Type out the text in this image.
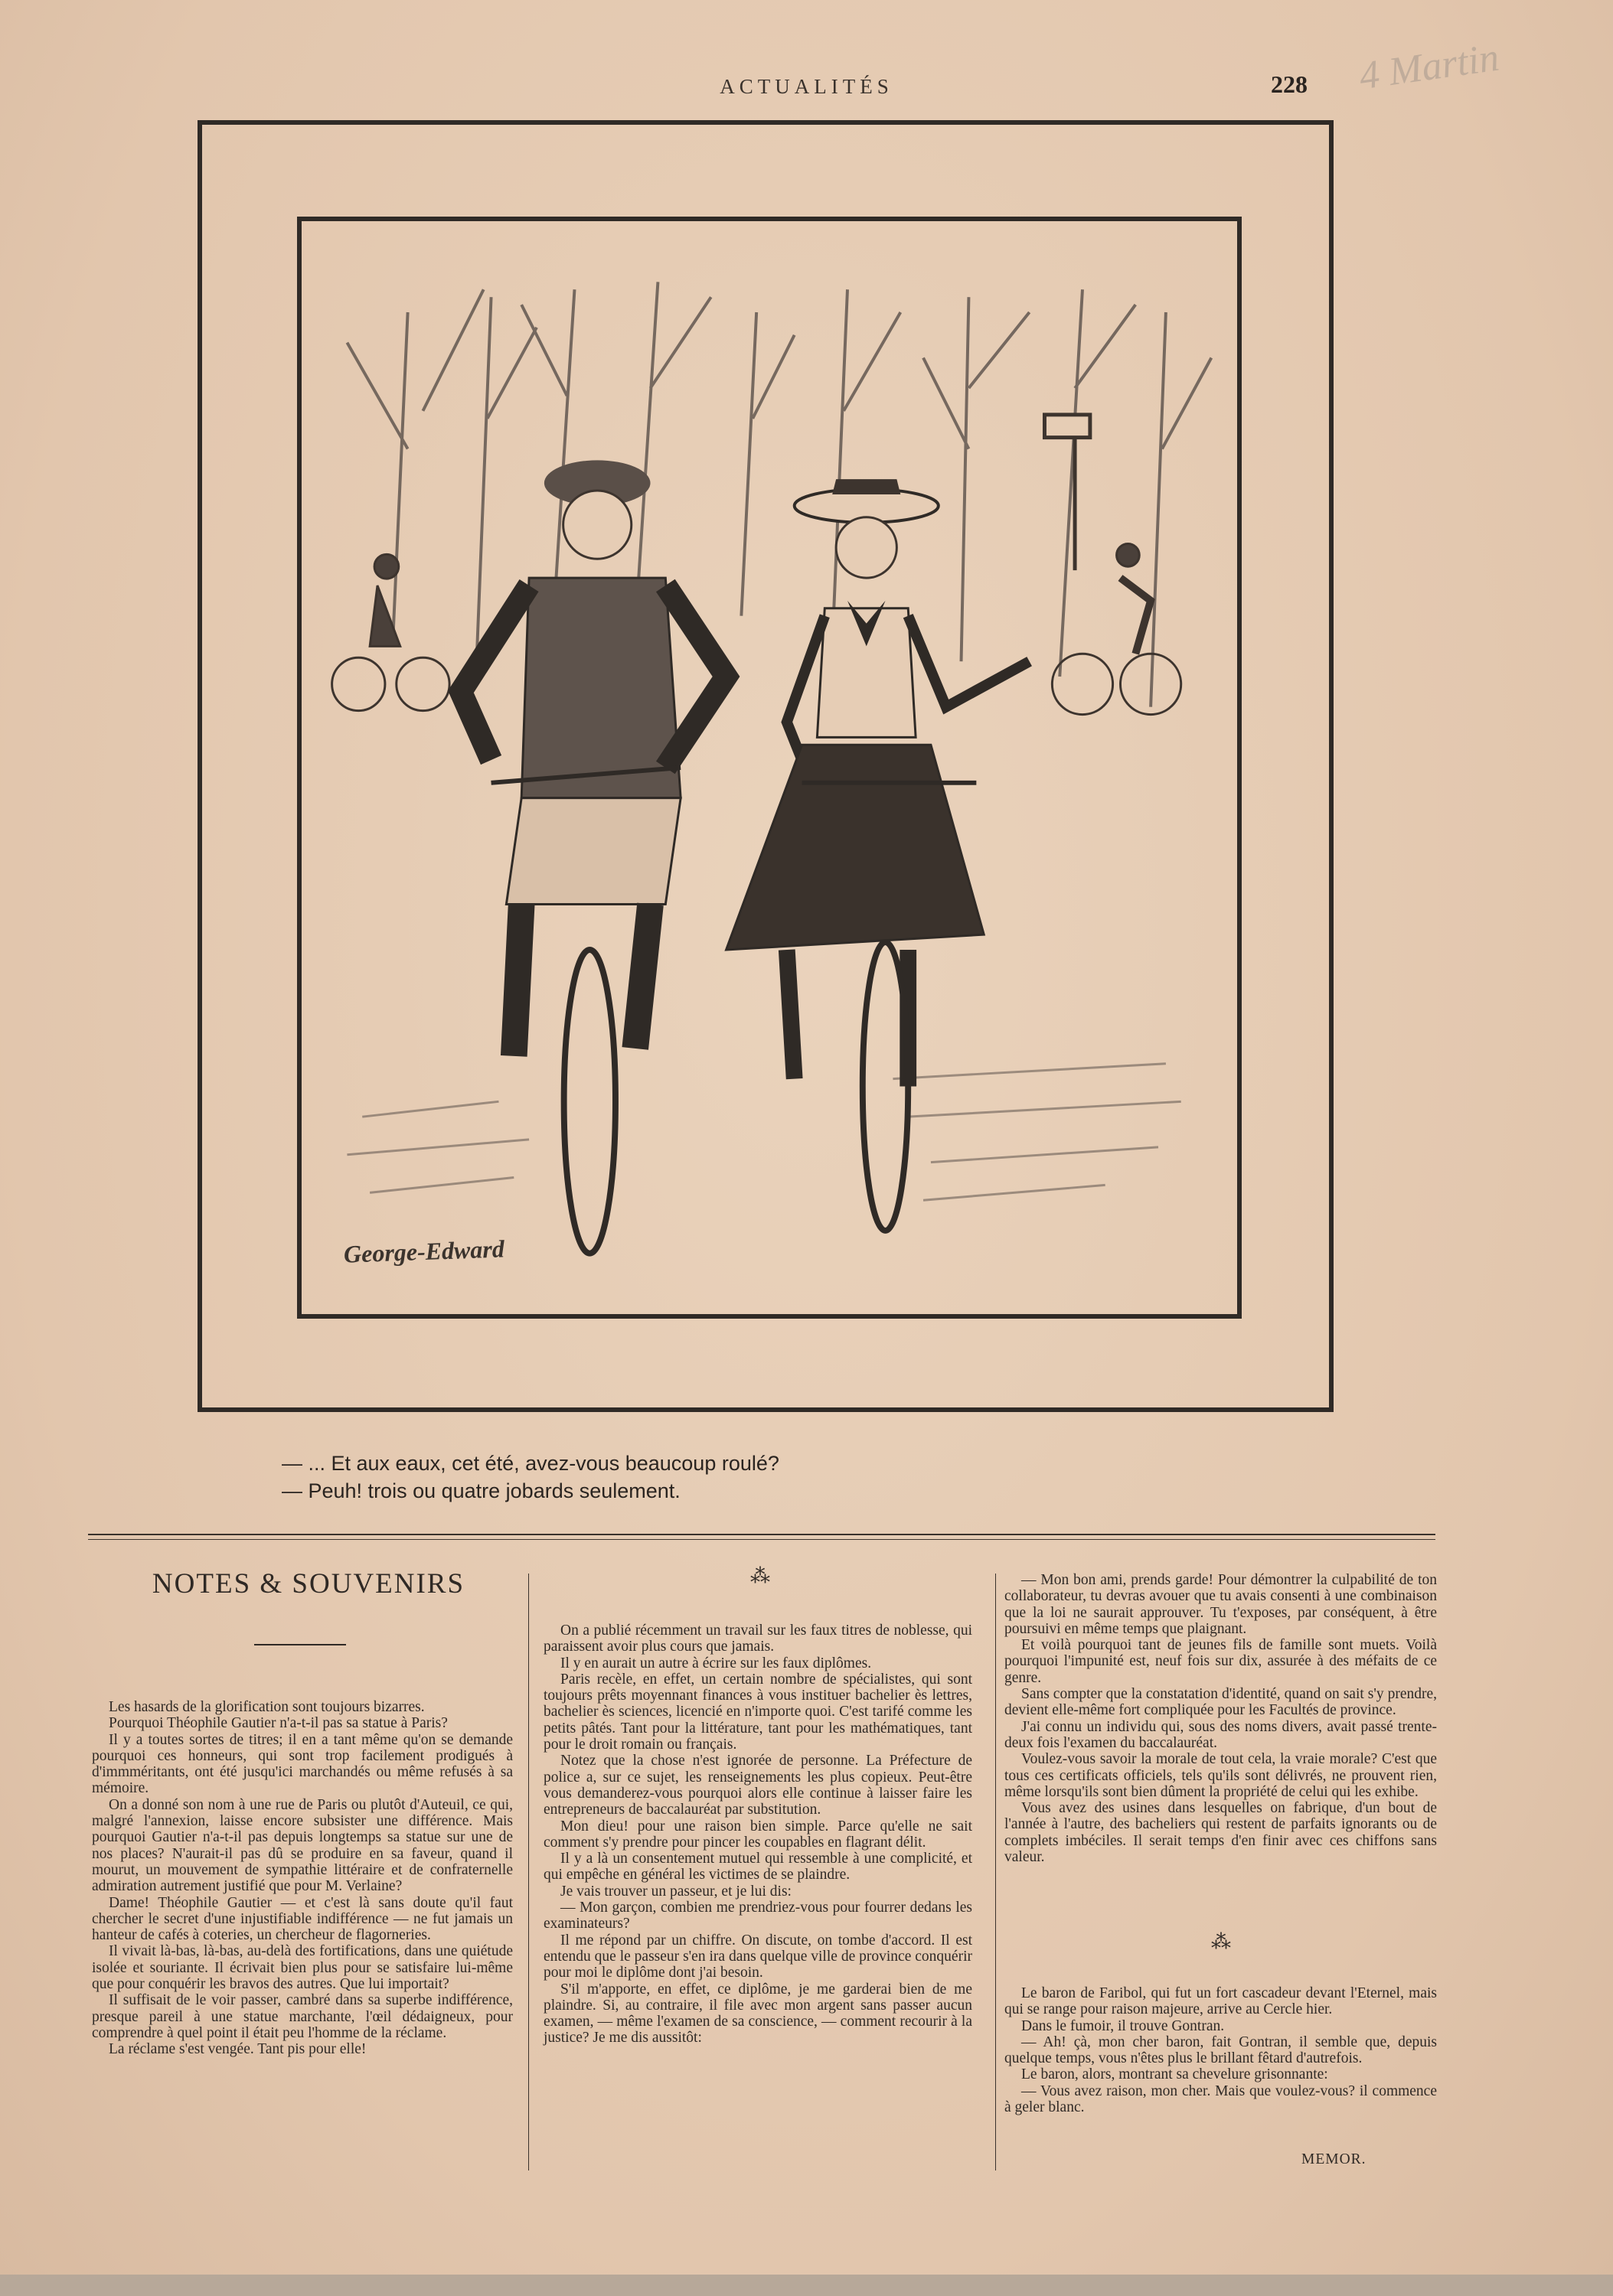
ACTUALITÉS	228 4 Martin
George-Edward
— ... Et aux eaux, cet été, avez-vous beaucoup roulé?
— Peuh! trois ou quatre jobards seulement.
NOTES & SOUVENIRS	⁂

Les hasards de la glorification sont toujours bizarres.

Pourquoi Théophile Gautier n'a-t-il pas sa statue à Paris?

Il y a toutes sortes de titres; il en a tant même qu'on se demande pourquoi ces honneurs, qui sont trop facilement prodigués à d'immméritants, ont été jusqu'ici marchandés ou même refusés à sa mémoire.

On a donné son nom à une rue de Paris ou plutôt d'Auteuil, ce qui, malgré l'annexion, laisse encore subsister une différence. Mais pourquoi Gautier n'a-t-il pas depuis longtemps sa statue sur une de nos places? N'aurait-il pas dû se produire en sa faveur, quand il mourut, un mouvement de sympathie littéraire et de confraternelle admiration autrement justifié que pour M. Verlaine?

Dame! Théophile Gautier — et c'est là sans doute qu'il faut chercher le secret d'une injustifiable indifférence — ne fut jamais un hanteur de cafés à coteries, un chercheur de flagorneries.

Il vivait là-bas, là-bas, au-delà des fortifications, dans une quiétude isolée et souriante. Il écrivait bien plus pour se satisfaire lui-même que pour conquérir les bravos des autres. Que lui importait?

Il suffisait de le voir passer, cambré dans sa superbe indifférence, presque pareil à une statue marchante, l'œil dédaigneux, pour comprendre à quel point il était peu l'homme de la réclame.

La réclame s'est vengée. Tant pis pour elle!

On a publié récemment un travail sur les faux titres de noblesse, qui paraissent avoir plus cours que jamais.

Il y en aurait un autre à écrire sur les faux diplômes.

Paris recèle, en effet, un certain nombre de spécialistes, qui sont toujours prêts moyennant finances à vous instituer bachelier ès lettres, bachelier ès sciences, licencié en n'importe quoi. C'est tarifé comme les petits pâtés. Tant pour la littérature, tant pour les mathématiques, tant pour le droit romain ou français.

Notez que la chose n'est ignorée de personne. La Préfecture de police a, sur ce sujet, les renseignements les plus copieux. Peut-être vous demanderez-vous pourquoi alors elle continue à laisser faire les entrepreneurs de baccalauréat par substitution.

Mon dieu! pour une raison bien simple. Parce qu'elle ne sait comment s'y prendre pour pincer les coupables en flagrant délit.

Il y a là un consentement mutuel qui ressemble à une complicité, et qui empêche en général les victimes de se plaindre.

Je vais trouver un passeur, et je lui dis:

— Mon garçon, combien me prendriez-vous pour fourrer dedans les examinateurs?

Il me répond par un chiffre. On discute, on tombe d'accord. Il est entendu que le passeur s'en ira dans quelque ville de province conquérir pour moi le diplôme dont j'ai besoin.

S'il m'apporte, en effet, ce diplôme, je me garderai bien de me plaindre. Si, au contraire, il file avec mon argent sans passer aucun examen, — même l'examen de sa conscience, — comment recourir à la justice? Je me dis aussitôt:

— Mon bon ami, prends garde! Pour démontrer la culpabilité de ton collaborateur, tu devras avouer que tu avais consenti à une combinaison que la loi ne saurait approuver. Tu t'exposes, par conséquent, à être poursuivi en même temps que plaignant.

Et voilà pourquoi tant de jeunes fils de famille sont muets. Voilà pourquoi l'impunité est, neuf fois sur dix, assurée à des méfaits de ce genre.

Sans compter que la constatation d'identité, quand on sait s'y prendre, devient elle-même fort compliquée pour les Facultés de province.

J'ai connu un individu qui, sous des noms divers, avait passé trente-deux fois l'examen du baccalauréat.

Voulez-vous savoir la morale de tout cela, la vraie morale? C'est que tous ces certificats officiels, tels qu'ils sont délivrés, ne prouvent rien, même lorsqu'ils sont bien dûment la propriété de celui qui les exhibe.

Vous avez des usines dans lesquelles on fabrique, d'un bout de l'année à l'autre, des bacheliers qui restent de parfaits ignorants ou de complets imbéciles. Il serait temps d'en finir avec ces chiffons sans valeur.

⁂

Le baron de Faribol, qui fut un fort cascadeur devant l'Eternel, mais qui se range pour raison majeure, arrive au Cercle hier.

Dans le fumoir, il trouve Gontran.

— Ah! çà, mon cher baron, fait Gontran, il semble que, depuis quelque temps, vous n'êtes plus le brillant fêtard d'autrefois.

Le baron, alors, montrant sa chevelure grisonnante:

— Vous avez raison, mon cher. Mais que voulez-vous? il commence à geler blanc.

MEMOR.
